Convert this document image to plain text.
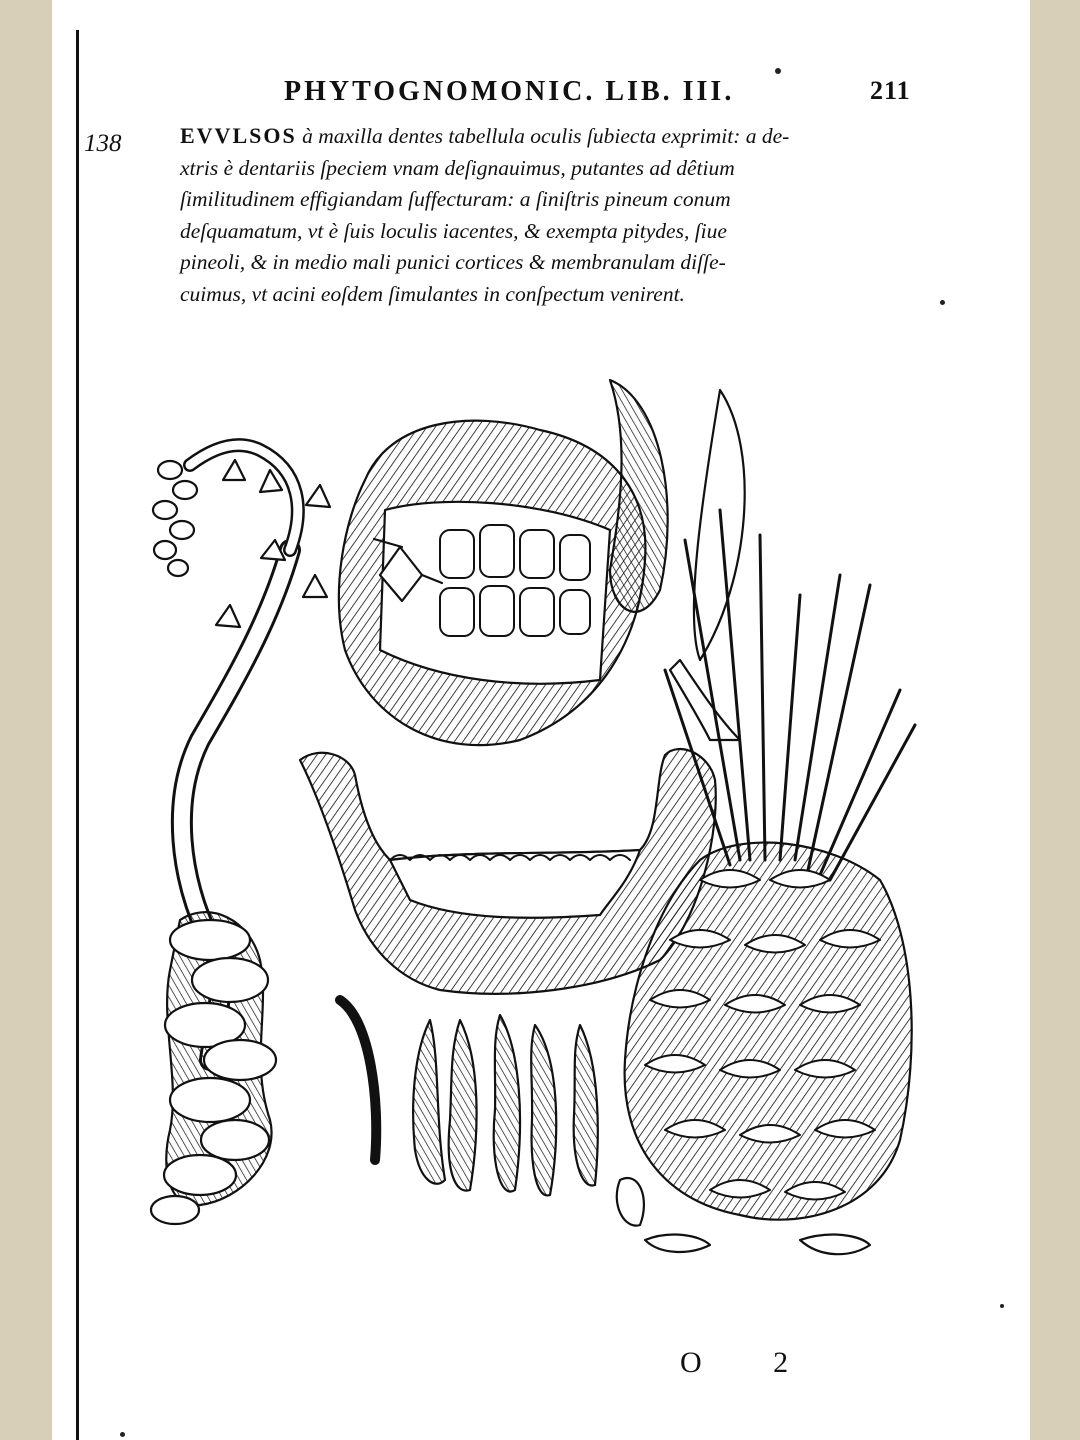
PHYTOGNOMONIC. LIB. III.	211
138	EVVLSOS à maxilla dentes tabellula oculis ſubiecta exprimit: a de-
xtris è dentariis ſpeciem vnam deſignauimus, putantes ad dêtium
ſimilitudinem effigiandam ſuffecturam: a ſiniſtris pineum conum
deſquamatum, vt è ſuis loculis iacentes, & exempta pitydes, ſiue
pineoli, & in medio mali punici cortices & membranulam diſſe-
cuimus, vt acini eoſdem ſimulantes in conſpectum venirent.
O 2
